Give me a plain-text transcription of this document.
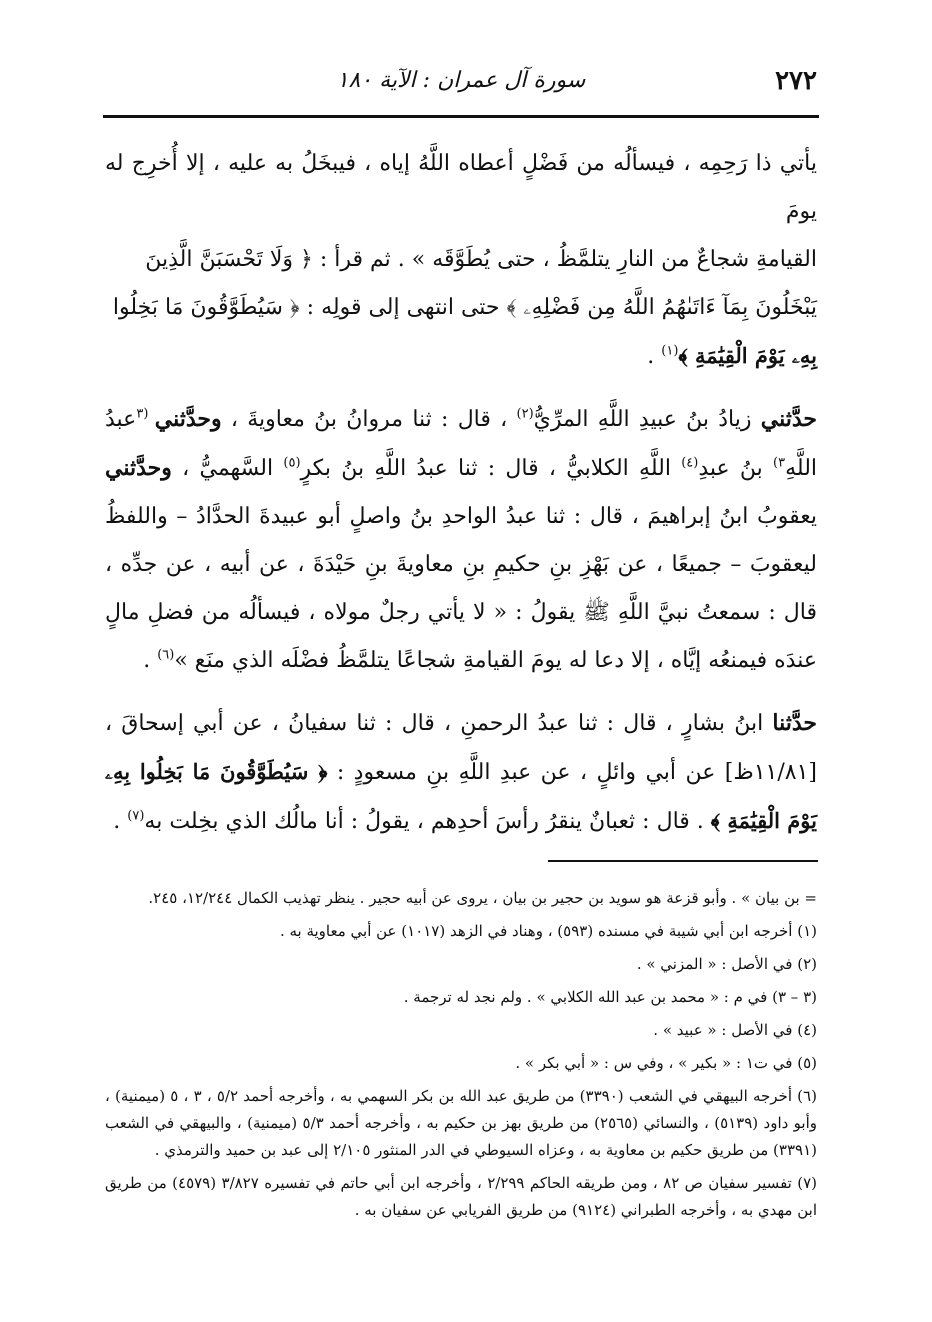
٢٧٢
سورة آل عمران : الآية ١٨٠

يأتي ذا رَحِمِه ، فيسألُه من فَضْلٍ أعطاه اللَّهُ إياه ، فيبخَلُ به عليه ، إلا أُخرِج له يومَ

القيامةِ شجاعٌ من النارِ يتلمَّظُ ، حتى يُطَوَّقَه » . ثم قرأ : ﴿ وَلَا تَحْسَبَنَّ الَّذِينَ

يَبْخَلُونَ بِمَآ ءَاتَىٰهُمُ اللَّهُ مِن فَضْلِهِۦ ﴾ حتى انتهى إلى قولِه : ﴿ سَيُطَوَّقُونَ مَا بَخِلُوا

بِهِۦ يَوْمَ الْقِيَٰمَةِ ﴾$^{(١)}$ .

حدَّثني زيادُ بنُ عبيدِ اللَّهِ المرِّيُّ$^{(٢)}$ ، قال : ثنا مروانُ بنُ معاويةَ ، وحدَّثني $^{(٣}$عبدُ اللَّهِ$^{٣)}$ بنُ عبدِ$^{(٤)}$ اللَّهِ الكلابيُّ ، قال : ثنا عبدُ اللَّهِ بنُ بكرٍ$^{(٥)}$ السَّهميُّ ، وحدَّثني يعقوبُ ابنُ إبراهيمَ ، قال : ثنا عبدُ الواحدِ بنُ واصلٍ أبو عبيدةَ الحدَّادُ – واللفظُ ليعقوبَ – جميعًا ، عن بَهْزِ بنِ حكيمِ بنِ معاويةَ بنِ حَيْدَةَ ، عن أبيه ، عن جدِّه ، قال : سمعتُ نبيَّ اللَّهِ ﷺ يقولُ : « لا يأتي رجلٌ مولاه ، فيسألُه من فضلِ مالٍ عندَه فيمنعُه إيَّاه ، إلا دعا له يومَ القيامةِ شجاعًا يتلمَّظُ فضْلَه الذي منَع »$^{(٦)}$ .

حدَّثنا ابنُ بشارٍ ، قال : ثنا عبدُ الرحمنِ ، قال : ثنا سفيانُ ، عن أبي إسحاقَ ، [١١/٨١ظ] عن أبي وائلٍ ، عن عبدِ اللَّهِ بنِ مسعودٍ : ﴿ سَيُطَوَّقُونَ مَا بَخِلُوا بِهِۦ يَوْمَ الْقِيَٰمَةِ ﴾ . قال : ثعبانٌ ينقرُ رأسَ أحدِهم ، يقولُ : أنا مالُك الذي بخِلت به$^{(٧)}$ .

= بن بيان » . وأبو قزعة هو سويد بن حجير بن بيان ، يروى عن أبيه حجير . ينظر تهذيب الكمال ١٢/٢٤٤، ٢٤٥.

(١) أخرجه ابن أبي شيبة في مسنده (٥٩٣) ، وهناد في الزهد (١٠١٧) عن أبي معاوية به .

(٢) في الأصل : « المزني » .

(٣ – ٣) في م : « محمد بن عبد الله الكلابي » . ولم نجد له ترجمة .

(٤) في الأصل : « عبيد » .

(٥) في ت١ : « بكير » ، وفي س : « أبي بكر » .

(٦) أخرجه البيهقي في الشعب (٣٣٩٠) من طريق عبد الله بن بكر السهمي به ، وأخرجه أحمد ٥/٢ ، ٣ ، ٥ (ميمنية) ، وأبو داود (٥١٣٩) ، والنسائي (٢٥٦٥) من طريق بهز بن حكيم به ، وأخرجه أحمد ٥/٣ (ميمنية) ، والبيهقي في الشعب (٣٣٩١) من طريق حكيم بن معاوية به ، وعزاه السيوطي في الدر المنثور ٢/١٠٥ إلى عبد بن حميد والترمذي .

(٧) تفسير سفيان ص ٨٢ ، ومن طريقه الحاكم ٢/٢٩٩ ، وأخرجه ابن أبي حاتم في تفسيره ٣/٨٢٧ (٤٥٧٩) من طريق ابن مهدي به ، وأخرجه الطبراني (٩١٢٤) من طريق الفريابي عن سفيان به .
